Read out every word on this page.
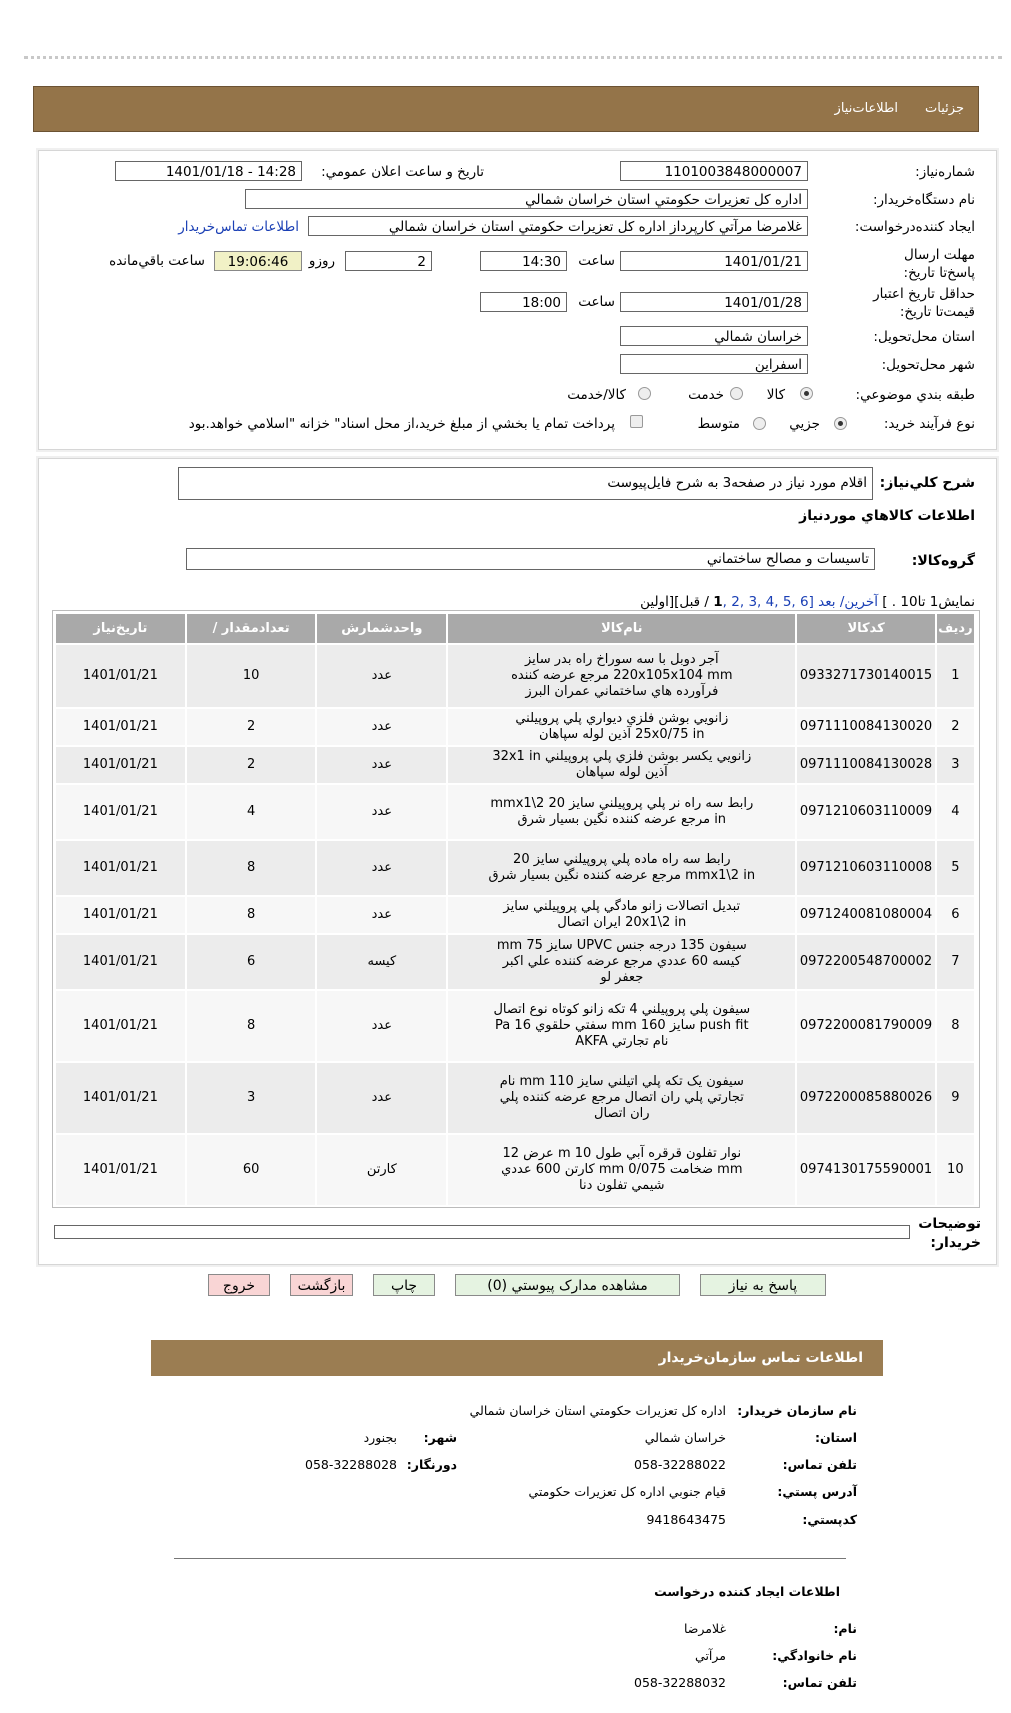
جزئيات
اطلاعات‌نياز
شماره‌نياز:
1101003848000007
تاريخ و ساعت اعلان عمومي:
1401/01/18 - 14:28
نام دستگاه‌خريدار:
اداره کل تعزيرات حکومتي استان خراسان شمالي
ايجاد کننده‌درخواست:
غلامرضا مرآتي کارپرداز اداره کل تعزيرات حکومتي استان خراسان شمالي
اطلاعات تماس‌خريدار
مهلت ارسال پاسخ‌تا تاريخ:
1401/01/21
ساعت
14:30
2
روزو
19:06:46
ساعت باقي‌مانده
حداقل تاريخ اعتبار قيمت‌تا تاريخ:
1401/01/28
ساعت
18:00
استان محل‌تحويل:
خراسان شمالي
شهر محل‌تحويل:
اسفراين
طبقه بندي موضوعي:
کالا
خدمت
کالا/خدمت
نوع فرآيند خريد:
جزيي
متوسط
پرداخت تمام يا بخشي از مبلغ خريد،از محل اسناد" خزانه "اسلامي خواهد.بود
شرح کلي‌نياز:
اقلام مورد نياز در صفحه3 به شرح فايل‌پيوست
اطلاعات کالاهاي مورد‌نياز
گروه‌کالا:
تاسيسات و مصالح ساختماني
نمايش1 تا10 . ] آخرين/ بعد [6 ,5 ,4 ,3 ,2 ,1 / قبل][اولين
رديف	کدکالا	نام‌کالا	واحدشمارش	تعداد‌مقدار /	تاريخ‌نياز
1	0933271730140015	آجر دوبل با سه سوراخ راه بدر سايز 220x105x104 mm مرجع عرضه کننده فرآورده هاي ساختماني عمران البرز	عدد	10	1401/01/21
2	0971110084130020	زانويي بوشن فلزي ديواري پلي پروپيلني 25x0/75 in آذين لوله سپاهان	عدد	2	1401/01/21
3	0971110084130028	زانويي يکسر بوشن فلزي پلي پروپيلني 32x1 in آذين لوله سپاهان	عدد	2	1401/01/21
4	0971210603110009	رابط سه راه نر پلي پروپيلني سايز 20 mmx1\2 in مرجع عرضه کننده نگين بسيار شرق	عدد	4	1401/01/21
5	0971210603110008	رابط سه راه ماده پلي پروپيلني سايز 20 mmx1\2 in مرجع عرضه کننده نگين بسيار شرق	عدد	8	1401/01/21
6	0971240081080004	تبديل اتصالات زانو مادگي پلي پروپيلني سايز 20x1\2 in ايران اتصال	عدد	8	1401/01/21
7	0972200548700002	سيفون 135 درجه جنس UPVC سايز 75 mm کيسه 60 عددي مرجع عرضه کننده علي اکبر جعفر لو	کيسه	6	1401/01/21
8	0972200081790009	سيفون پلي پروپيلني 4 تکه زانو کوتاه نوع اتصال push fit سايز 160 mm سفتي حلقوي 16 Pa نام تجارتي AKFA	عدد	8	1401/01/21
9	0972200085880026	سيفون يک تکه پلي اتيلني سايز 110 mm نام تجارتي پلي ران اتصال مرجع عرضه کننده پلي ران اتصال	عدد	3	1401/01/21
10	0974130175590001	نوار تفلون قرقره آبي طول 10 m عرض 12 mm ضخامت 0/075 mm کارتن 600 عددي شيمي تفلون دنا	کارتن	60	1401/01/21
توضيحات خريدار:
پاسخ به نياز
مشاهده مدارک پيوستي (0)
چاپ
بازگشت
خروج
اطلاعات تماس سازمان‌خريدار
نام سازمان خريدار:
اداره کل تعزيرات حکومتي استان خراسان شمالي
استان:
خراسان شمالي
شهر:
بجنورد
تلفن تماس:
058-32288022
دورنگار:
058-32288028
آدرس پستي:
قيام جنوبي اداره کل تعزيرات حکومتي
کدپستي:
9418643475
اطلاعات ايجاد کننده درخواست
نام:
غلامرضا
نام خانوادگي:
مرآتي
تلفن تماس:
058-32288032
